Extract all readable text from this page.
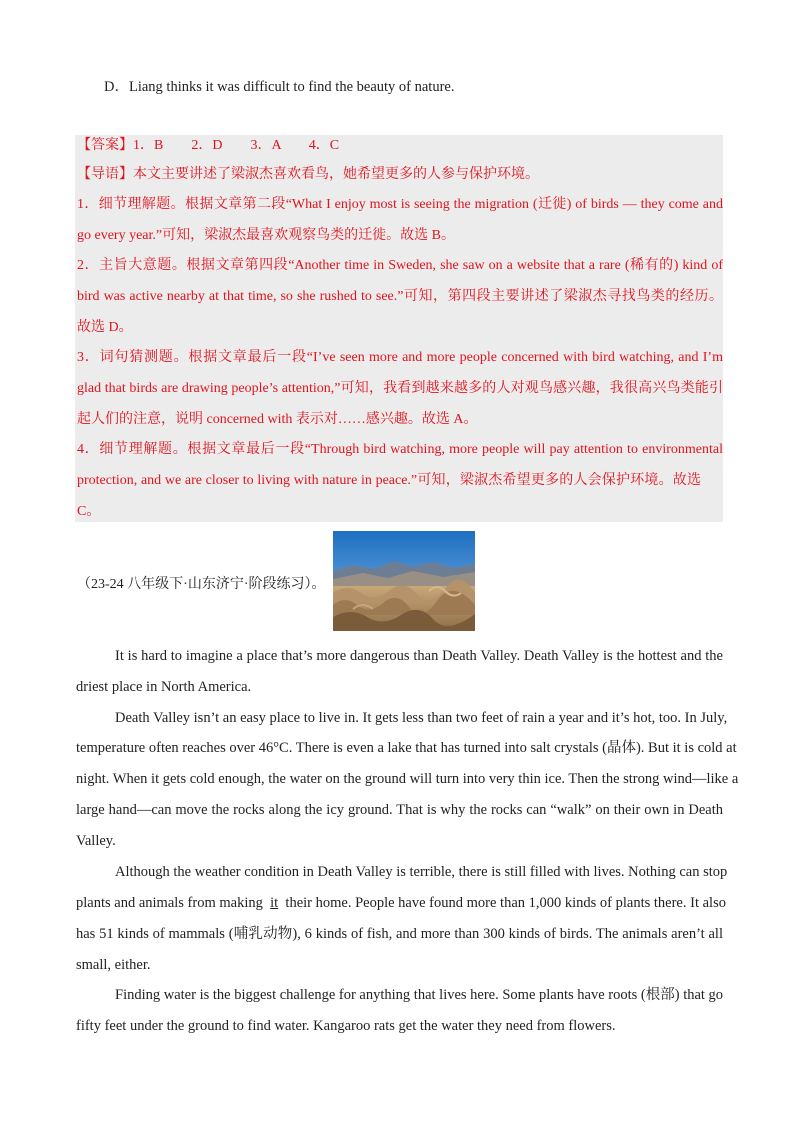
D．Liang thinks it was difficult to find the beauty of nature.
【答案】1．B　　2．D　　3．A　　4．C
【导语】本文主要讲述了梁淑杰喜欢看鸟，她希望更多的人参与保护环境。
1．细节理解题。根据文章第二段“What I enjoy most is seeing the migration (迁徙) of birds — they come and
go every year.”可知，梁淑杰最喜欢观察鸟类的迁徙。故选 B。
2．主旨大意题。根据文章第四段“Another time in Sweden, she saw on a website that a rare (稀有的) kind of
bird was active nearby at that time, so she rushed to see.”可知，第四段主要讲述了梁淑杰寻找鸟类的经历。
故选 D。
3．词句猜测题。根据文章最后一段“I’ve seen more and more people concerned with bird watching, and I’m
glad that birds are drawing people’s attention,”可知，我看到越来越多的人对观鸟感兴趣，我很高兴鸟类能引
起人们的注意，说明 concerned with 表示对……感兴趣。故选 A。
4．细节理解题。根据文章最后一段“Through bird watching, more people will pay attention to environmental
protection, and we are closer to living with nature in peace.”可知，梁淑杰希望更多的人会保护环境。故选
C。
（23-24 八年级下·山东济宁·阶段练习）。
It is hard to imagine a place that’s more dangerous than Death Valley. Death Valley is the hottest and the
driest place in North America.
Death Valley isn’t an easy place to live in. It gets less than two feet of rain a year and it’s hot, too. In July,
temperature often reaches over 46°C. There is even a lake that has turned into salt crystals (晶体). But it is cold at
night. When it gets cold enough, the water on the ground will turn into very thin ice. Then the strong wind—like a
large hand—can move the rocks along the icy ground. That is why the rocks can “walk” on their own in Death
Valley.
Although the weather condition in Death Valley is terrible, there is still filled with lives. Nothing can stop
plants and animals from making  it  their home. People have found more than 1,000 kinds of plants there. It also
has 51 kinds of mammals (哺乳动物), 6 kinds of fish, and more than 300 kinds of birds. The animals aren’t all
small, either.
Finding water is the biggest challenge for anything that lives here. Some plants have roots (根部) that go
fifty feet under the ground to find water. Kangaroo rats get the water they need from flowers.
